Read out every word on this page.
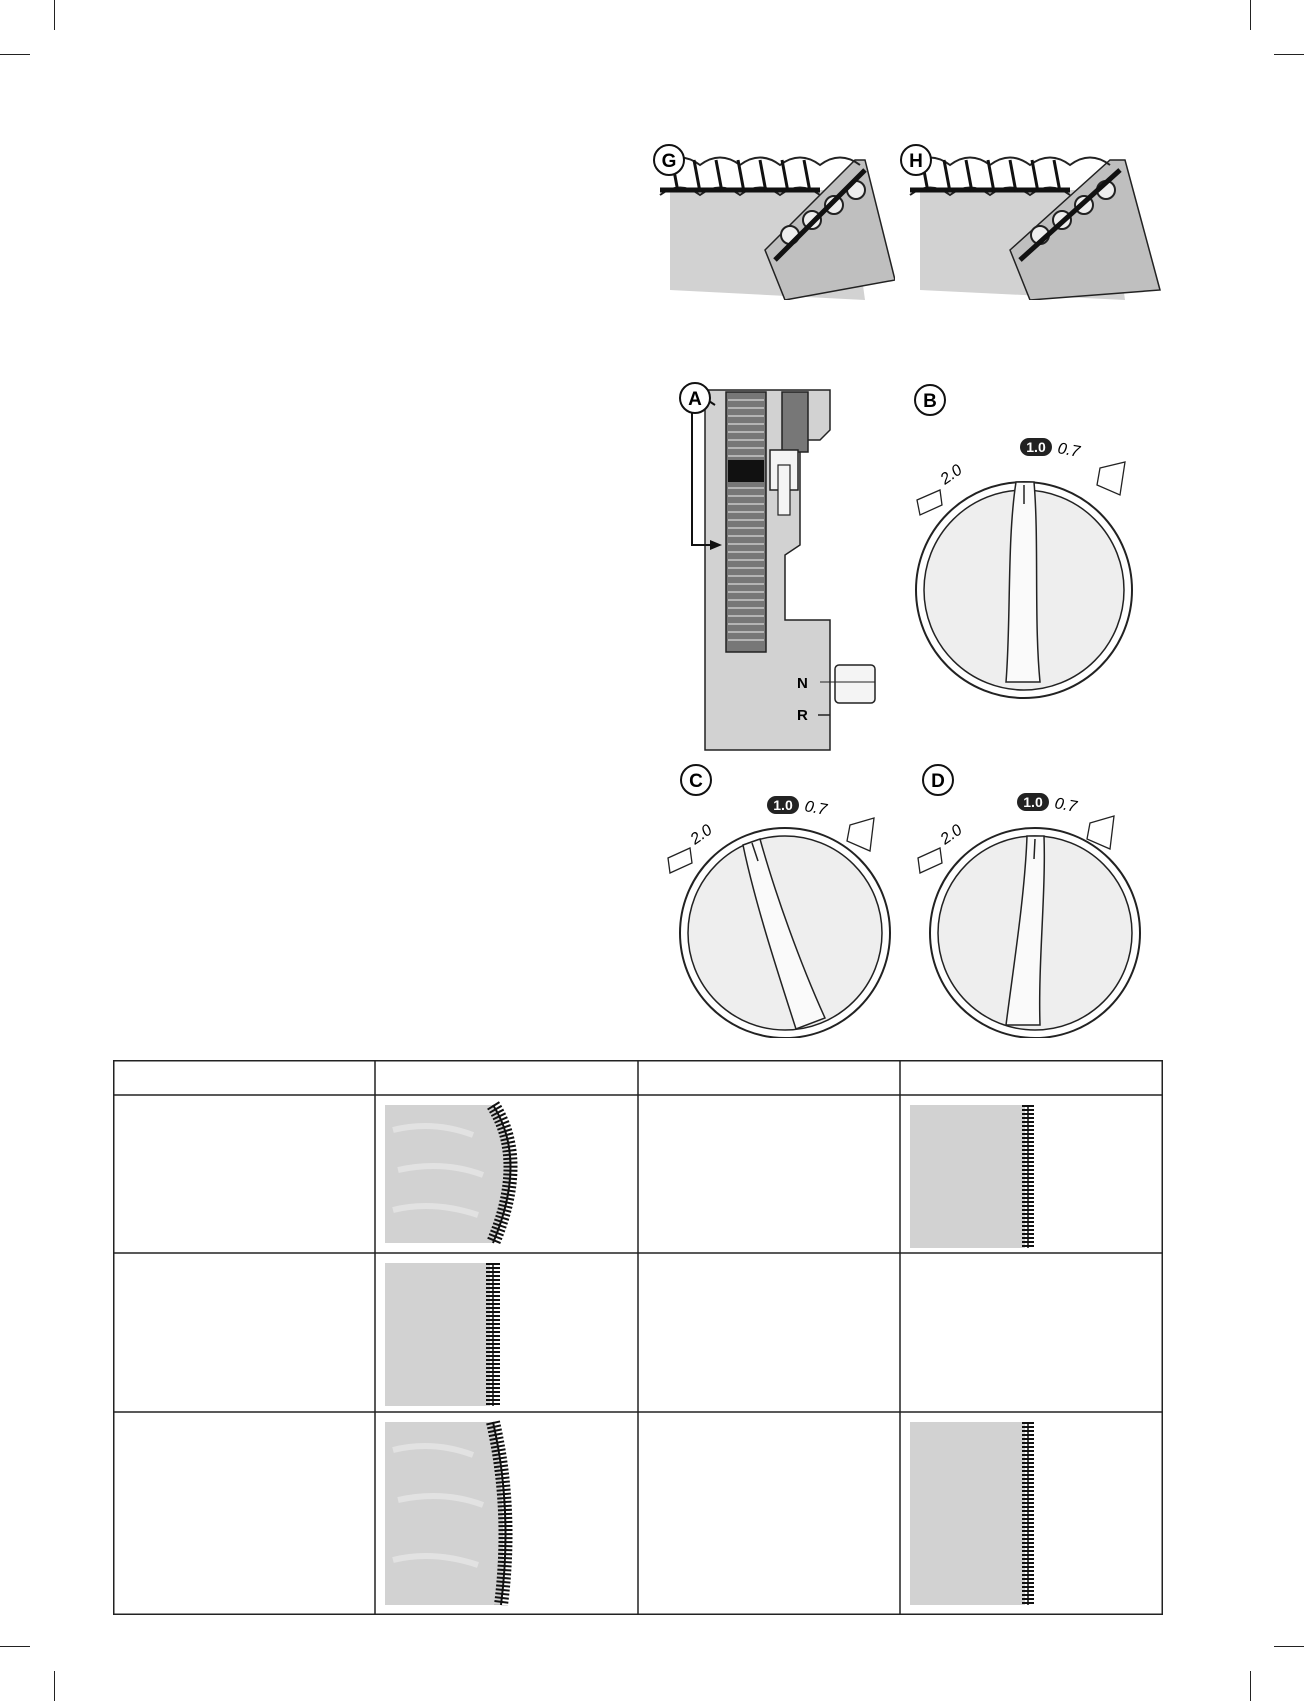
G	H
N
R
A
1.0 0.7
2.0
B
1.0 0.7
2.0
C
1.0 0.7
2.0
D
